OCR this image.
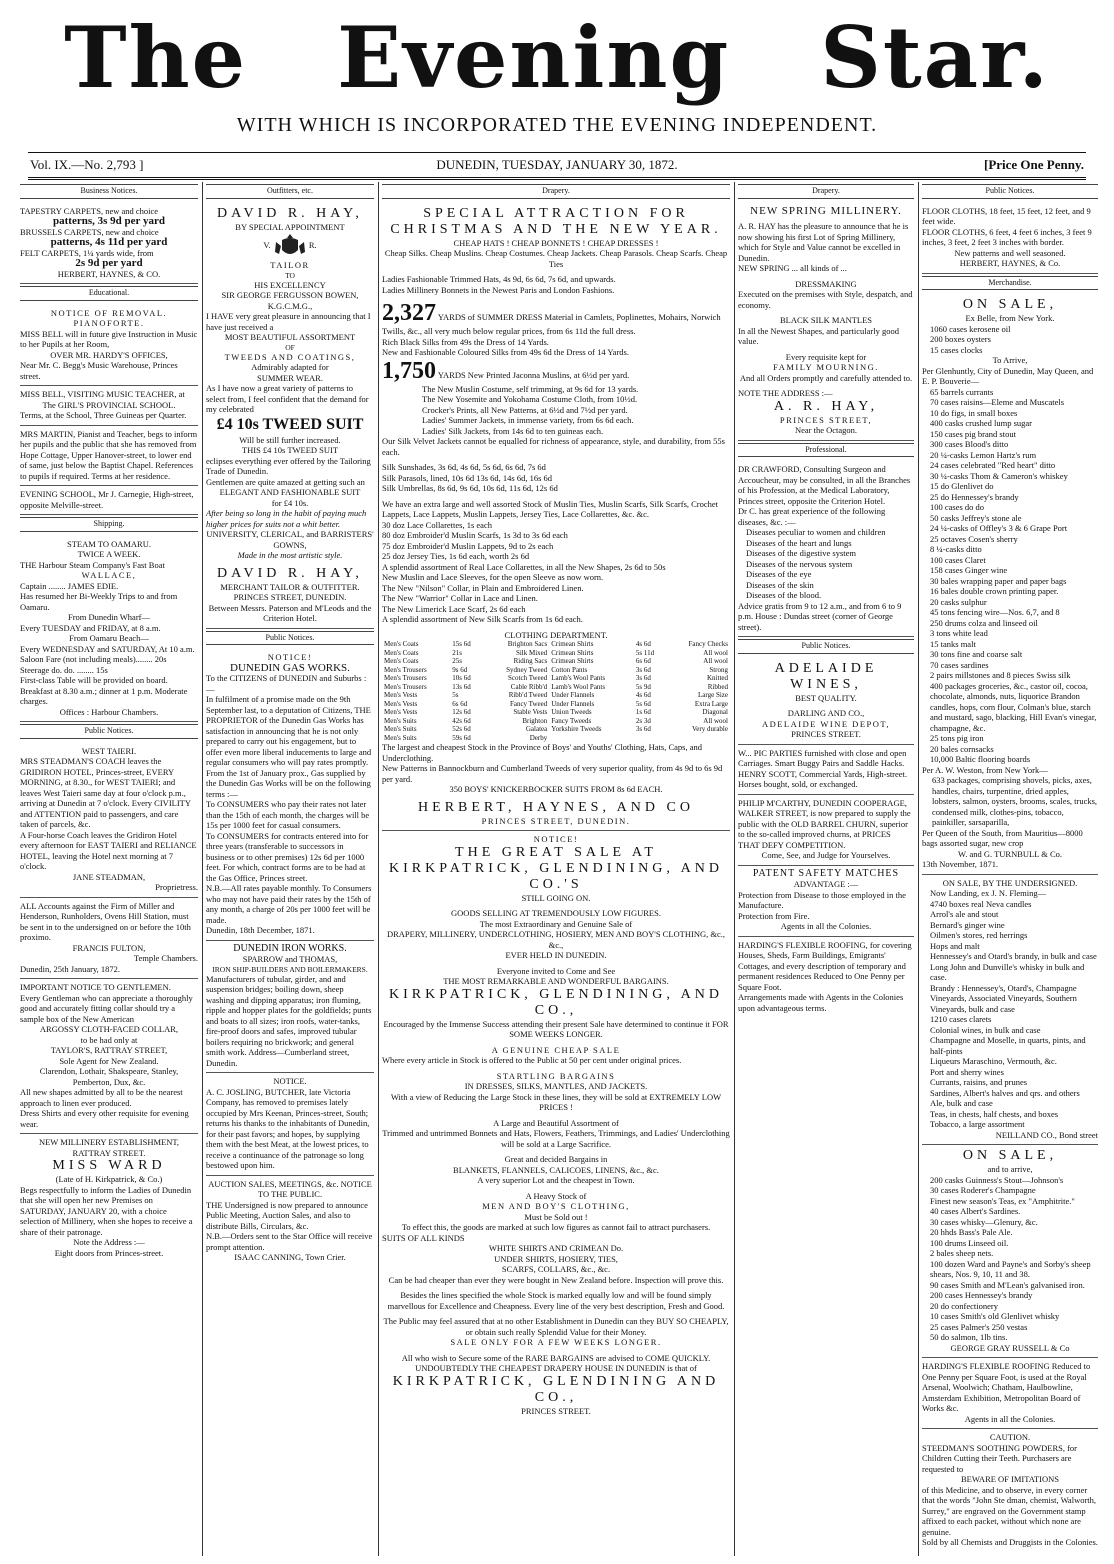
The Evening Star.
WITH WHICH IS INCORPORATED THE EVENING INDEPENDENT.
Vol. IX.—No. 2,793 ]	DUNEDIN, TUESDAY, JANUARY 30, 1872.	[Price One Penny.
Business Notices.

TAPESTRY CARPETS, new and choice

patterns, 3s 9d per yard

BRUSSELS CARPETS, new and choice

patterns, 4s 11d per yard

FELT CARPETS, 1¼ yards wide, from

2s 9d per yard

HERBERT, HAYNES, & CO.

Educational.

NOTICE OF REMOVAL.

PIANOFORTE.

MISS BELL will in future give Instruction in Music to her Pupils at her Room,

OVER MR. HARDY'S OFFICES,

Near Mr. C. Begg's Music Warehouse, Princes street.

MISS BELL, VISITING MUSIC TEACHER, at

The GIRL'S PROVINCIAL SCHOOL.

Terms, at the School, Three Guineas per Quarter.

MRS MARTIN, Pianist and Teacher, begs to inform her pupils and the public that she has removed from Hope Cottage, Upper Hanover-street, to lower end of same, just below the Baptist Chapel. References to pupils if required. Terms at her residence.

EVENING SCHOOL, Mr J. Carnegie, High-street, opposite Melville-street.

Shipping.

STEAM TO OAMARU.

TWICE A WEEK.

THE Harbour Steam Company's Fast Boat

WALLACE,

Captain ........ JAMES EDIE.

Has resumed her Bi-Weekly Trips to and from Oamaru.

From Dunedin Wharf—

Every TUESDAY and FRIDAY, at 8 a.m.

From Oamaru Beach—

Every WEDNESDAY and SATURDAY, At 10 a.m.

Saloon Fare (not including meals)........ 20s

Steerage do. do. ........ 15s

First-class Table will be provided on board. Breakfast at 8.30 a.m.; dinner at 1 p.m. Moderate charges.

Offices : Harbour Chambers.

Public Notices.

WEST TAIERI.

MRS STEADMAN'S COACH leaves the GRIDIRON HOTEL, Princes-street, EVERY MORNING, at 8.30., for WEST TAIERI; and leaves West Taieri same day at four o'clock p.m., arriving at Dunedin at 7 o'clock. Every CIVILITY and ATTENTION paid to passengers, and care taken of parcels, &c.

A Four-horse Coach leaves the Gridiron Hotel every afternoon for EAST TAIERI and RELIANCE HOTEL, leaving the Hotel next morning at 7 o'clock.

JANE STEADMAN,

Proprietress.

ALL Accounts against the Firm of Miller and Henderson, Runholders, Ovens Hill Station, must be sent in to the undersigned on or before the 10th proximo.

FRANCIS FULTON,

Temple Chambers.

Dunedin, 25th January, 1872.

IMPORTANT NOTICE TO GENTLEMEN.

Every Gentleman who can appreciate a thoroughly good and accurately fitting collar should try a sample box of the New American

ARGOSSY CLOTH-FACED COLLAR,

to be had only at

TAYLOR'S, RATTRAY STREET,

Sole Agent for New Zealand.

Clarendon, Lothair, Shakspeare, Stanley, Pemberton, Dux, &c.

All new shapes admitted by all to be the nearest approach to linen ever produced.

Dress Shirts and every other requisite for evening wear.

NEW MILLINERY ESTABLISHMENT,

RATTRAY STREET.

MISS WARD

(Late of H. Kirkpatrick, & Co.)

Begs respectfully to inform the Ladies of Dunedin that she will open her new Premises on SATURDAY, JANUARY 20, with a choice selection of Millinery, when she hopes to receive a share of their patronage.

Note the Address :—

Eight doors from Princes-street.

Outfitters, etc.

DAVID R. HAY,

BY SPECIAL APPOINTMENT

V.	R.

TAILOR

TO

HIS EXCELLENCY

SIR GEORGE FERGUSSON BOWEN, K.G.C.M.G.,

I HAVE very great pleasure in announcing that I have just received a

MOST BEAUTIFUL ASSORTMENT

OF

TWEEDS AND COATINGS,

Admirably adapted for

SUMMER WEAR.

As I have now a great variety of patterns to select from, I feel confident that the demand for my celebrated

£4 10s TWEED SUIT

Will be still further increased.

THIS £4 10s TWEED SUIT

eclipses everything ever offered by the Tailoring Trade of Dunedin.

Gentlemen are quite amazed at getting such an

ELEGANT AND FASHIONABLE SUIT

for £4 10s.

After being so long in the habit of paying much higher prices for suits not a whit better.

UNIVERSITY, CLERICAL, and BARRISTERS' GOWNS,

Made in the most artistic style.

DAVID R. HAY,

MERCHANT TAILOR & OUTFITTER.

PRINCES STREET, DUNEDIN.

Between Messrs. Paterson and M'Leods and the Criterion Hotel.

Public Notices.

NOTICE!

DUNEDIN GAS WORKS.

To the CITIZENS of DUNEDIN and Suburbs :—

In fulfilment of a promise made on the 9th September last, to a deputation of Citizens, THE PROPRIETOR of the Dunedin Gas Works has satisfaction in announcing that he is not only prepared to carry out his engagement, but to offer even more liberal inducements to large and regular consumers who will pay rates promptly.

From the 1st of January prox., Gas supplied by the Dunedin Gas Works will be on the following terms :—

To CONSUMERS who pay their rates not later than the 15th of each month, the charges will be 15s per 1000 feet for casual consumers.

To CONSUMERS for contracts entered into for three years (transferable to successors in business or to other premises) 12s 6d per 1000 feet. For which, contract forms are to be had at the Gas Office, Princes street.

N.B.—All rates payable monthly. To Consumers who may not have paid their rates by the 15th of any month, a charge of 20s per 1000 feet will be made.

Dunedin, 18th December, 1871.

DUNEDIN IRON WORKS.

SPARROW and THOMAS,

IRON SHIP-BUILDERS AND BOILERMAKERS.

Manufacturers of tubular, girder, and and suspension bridges; boiling down, sheep washing and dipping apparatus; iron fluming, ripple and hopper plates for the goldfields; punts and boats to all sizes; iron roofs, water-tanks, fire-proof doors and safes, improved tubular boilers requiring no brickwork; and general smith work. Address—Cumberland street, Dunedin.

NOTICE.

A. C. JOSLING, BUTCHER, late Victoria Company, has removed to premises lately occupied by Mrs Keenan, Princes-street, South; returns his thanks to the inhabitants of Dunedin, for their past favors; and hopes, by supplying them with the best Meat, at the lowest prices, to receive a continuance of the patronage so long bestowed upon him.

AUCTION SALES, MEETINGS, &c. NOTICE TO THE PUBLIC.

THE Undersigned is now prepared to announce Public Meeting, Auction Sales, and also to distribute Bills, Circulars, &c.

N.B.—Orders sent to the Star Office will receive prompt attention.

ISAAC CANNING, Town Crier.

Drapery.

SPECIAL ATTRACTION FOR

CHRISTMAS AND THE NEW YEAR.

CHEAP HATS ! CHEAP BONNETS ! CHEAP DRESSES !

Cheap Silks. Cheap Muslins. Cheap Costumes. Cheap Jackets. Cheap Parasols. Cheap Scarfs. Cheap Ties

Ladies Fashionable Trimmed Hats, 4s 9d, 6s 6d, 7s 6d, and upwards.

Ladies Millinery Bonnets in the Newest Paris and London Fashions.

2,327 YARDS of SUMMER DRESS Material in Camlets, Poplinettes, Mohairs, Norwich Twills, &c., all very much below regular prices, from 6s 11d the full dress.

Rich Black Silks from 49s the Dress of 14 Yards.

New and Fashionable Coloured Silks from 49s 6d the Dress of 14 Yards.

1,750 YARDS New Printed Jaconna Muslins, at 6½d per yard.

The New Muslin Costume, self trimming, at 9s 6d for 13 yards.

The New Yosemite and Yokohama Costume Cloth, from 10½d.

Crocker's Prints, all New Patterns, at 6½d and 7½d per yard.

Ladies' Summer Jackets, in immense variety, from 6s 6d each.

Ladies' Silk Jackets, from 14s 6d to ten guineas each.

Our Silk Velvet Jackets cannot be equalled for richness of appearance, style, and durability, from 55s each.

Silk Sunshades, 3s 6d, 4s 6d, 5s 6d, 6s 6d, 7s 6d

Silk Parasols, lined, 10s 6d 13s 6d, 14s 6d, 16s 6d

Silk Umbrellas, 8s 6d, 9s 6d, 10s 6d, 11s 6d, 12s 6d

We have an extra large and well assorted Stock of Muslin Ties, Muslin Scarfs, Silk Scarfs, Crochet Lappets, Lace Lappets, Muslin Lappets, Jersey Ties, Lace Collarettes, &c. &c.

30 doz Lace Collarettes, 1s each

80 doz Embroider'd Muslin Scarfs, 1s 3d to 3s 6d each

75 doz Embroider'd Muslin Lappets, 9d to 2s each

25 doz Jersey Ties, 1s 6d each, worth 2s 6d

A splendid assortment of Real Lace Collarettes, in all the New Shapes, 2s 6d to 50s

New Muslin and Lace Sleeves, for the open Sleeve as now worn.

The New "Nilson" Collar, in Plain and Embroidered Linen.

The New "Warrior" Collar in Lace and Linen.

The New Limerick Lace Scarf, 2s 6d each

A splendid assortment of New Silk Scarfs from 1s 6d each.

CLOTHING DEPARTMENT.

Men's Coats	15s 6d	Brighton Sacs	Crimean Shirts	4s 6d	Fancy Checks
Men's Coats	21s	Silk Mixed	Crimean Shirts	5s 11d	All wool
Men's Coats	25s	Riding Sacs	Crimean Shirts	6s 6d	All wool
Men's Trousers	9s 6d	Sydney Tweed	Cotton Pants	3s 6d	Strong
Men's Trousers	10s 6d	Scotch Tweed	Lamb's Wool Pants	3s 6d	Knitted
Men's Trousers	13s 6d	Cable Ribb'd	Lamb's Wool Pants	5s 9d	Ribbed
Men's Vests	5s	Ribb'd Tweed	Under Flannels	4s 6d	Large Size
Men's Vests	6s 6d	Fancy Tweed	Under Flannels	5s 6d	Extra Large
Men's Vests	12s 6d	Stable Vests	Union Tweeds	1s 6d	Diagonal
Men's Suits	42s 6d	Brighton	Fancy Tweeds	2s 3d	All wool
Men's Suits	52s 6d	Galatea	Yorkshire Tweeds	3s 6d	Very durable
Men's Suits	59s 6d	Derby			

The largest and cheapest Stock in the Province of Boys' and Youths' Clothing, Hats, Caps, and Underclothing.

New Patterns in Bannockburn and Cumberland Tweeds of very superior quality, from 4s 9d to 6s 9d per yard.

350 BOYS' KNICKERBOCKER SUITS FROM 8s 6d EACH.

HERBERT, HAYNES, AND CO

PRINCES STREET, DUNEDIN.

NOTICE!

THE GREAT SALE AT

KIRKPATRICK, GLENDINING, AND CO.'S

STILL GOING ON.

GOODS SELLING AT TREMENDOUSLY LOW FIGURES.

The most Extraordinary and Genuine Sale of

DRAPERY, MILLINERY, UNDERCLOTHING, HOSIERY, MEN AND BOY'S CLOTHING, &c., &c.,

EVER HELD IN DUNEDIN.

Everyone invited to Come and See

THE MOST REMARKABLE AND WONDERFUL BARGAINS.

KIRKPATRICK, GLENDINING, AND CO.,

Encouraged by the Immense Success attending their present Sale have determined to continue it FOR SOME WEEKS LONGER.

A GENUINE CHEAP SALE

Where every article in Stock is offered to the Public at 50 per cent under original prices.

STARTLING BARGAINS

IN DRESSES, SILKS, MANTLES, AND JACKETS.

With a view of Reducing the Large Stock in these lines, they will be sold at EXTREMELY LOW PRICES !

A Large and Beautiful Assortment of

Trimmed and untrimmed Bonnets and Hats, Flowers, Feathers, Trimmings, and Ladies' Underclothing will be sold at a Large Sacrifice.

Great and decided Bargains in

BLANKETS, FLANNELS, CALICOES, LINENS, &c., &c.

A very superior Lot and the cheapest in Town.

A Heavy Stock of

MEN AND BOY'S CLOTHING,

Must be Sold out !

To effect this, the goods are marked at such low figures as cannot fail to attract purchasers.

SUITS OF ALL KINDS

WHITE SHIRTS AND CRIMEAN Do.

UNDER SHIRTS, HOSIERY, TIES,

SCARFS, COLLARS, &c., &c.

Can be had cheaper than ever they were bought in New Zealand before. Inspection will prove this.

Besides the lines specified the whole Stock is marked equally low and will be found simply marvellous for Excellence and Cheapness. Every line of the very best description, Fresh and Good.

The Public may feel assured that at no other Establishment in Dunedin can they BUY SO CHEAPLY, or obtain such really Splendid Value for their Money.

SALE ONLY FOR A FEW WEEKS LONGER.

All who wish to Secure some of the RARE BARGAINS are advised to COME QUICKLY.

UNDOUBTEDLY THE CHEAPEST DRAPERY HOUSE IN DUNEDIN is that of

KIRKPATRICK, GLENDINING AND CO.,

PRINCES STREET.

Drapery.

NEW SPRING MILLINERY.

A. R. HAY has the pleasure to announce that he is now showing his first Lot of Spring Millinery, which for Style and Value cannot be excelled in Dunedin.

NEW SPRING ... all kinds of ...

DRESSMAKING

Executed on the premises with Style, despatch, and economy.

BLACK SILK MANTLES

In all the Newest Shapes, and particularly good value.

Every requisite kept for

FAMILY MOURNING.

And all Orders promptly and carefully attended to.

NOTE THE ADDRESS :—

A. R. HAY,

PRINCES STREET,

Near the Octagon.

Professional.

DR CRAWFORD, Consulting Surgeon and Accoucheur, may be consulted, in all the Branches of his Profession, at the Medical Laboratory, Princes street, opposite the Criterion Hotel.

Dr C. has great experience of the following diseases, &c. :—

Diseases peculiar to women and children

Diseases of the heart and lungs

Diseases of the digestive system

Diseases of the nervous system

Diseases of the eye

Diseases of the skin

Diseases of the blood.

Advice gratis from 9 to 12 a.m., and from 6 to 9 p.m. House : Dundas street (corner of George street).

Public Notices.

ADELAIDE WINES,

BEST QUALITY.

DARLING AND CO.,

ADELAIDE WINE DEPOT,

PRINCES STREET.

W... PIC PARTIES furnished with close and open Carriages. Smart Buggy Pairs and Saddle Hacks. HENRY SCOTT, Commercial Yards, High-street. Horses bought, sold, or exchanged.

PHILIP M'CARTHY, DUNEDIN COOPERAGE, WALKER STREET, is now prepared to supply the public with the OLD BARREL CHURN, superior to the so-called improved churns, at PRICES THAT DEFY COMPETITION.

Come, See, and Judge for Yourselves.

PATENT SAFETY MATCHES

ADVANTAGE :—

Protection from Disease to those employed in the Manufacture.

Protection from Fire.

Agents in all the Colonies.

HARDING'S FLEXIBLE ROOFING, for covering Houses, Sheds, Farm Buildings, Emigrants' Cottages, and every description of temporary and permanent residences Reduced to One Penny per Square Foot.

Arrangements made with Agents in the Colonies upon advantageous terms.

Public Notices.

FLOOR CLOTHS, 18 feet, 15 feet, 12 feet, and 9 feet wide.

FLOOR CLOTHS, 6 feet, 4 feet 6 inches, 3 feet 9 inches, 3 feet, 2 feet 3 inches with border.

New patterns and well seasoned.

HERBERT, HAYNES, & Co.

Merchandise.

ON SALE,

Ex Belle, from New York.

1060 cases kerosene oil

200 boxes oysters

15 cases clocks

To Arrive,

Per Glenhuntly, City of Dunedin, May Queen, and E. P. Bouverie—

65 barrels currants

70 cases raisins—Eleme and Muscatels

10 do figs, in small boxes

400 casks crushed lump sugar

150 cases pig brand stout

300 cases Blood's ditto

20 ¼-casks Lemon Hartz's rum

24 cases celebrated "Red heart" ditto

30 ¼-casks Thom & Cameron's whiskey

15 do Glenlivet do

25 do Hennessey's brandy

100 cases do do

50 casks Jeffrey's stone ale

24 ¼-casks of Offley's 3 & 6 Grape Port

25 octaves Cosen's sherry

8 ¼-casks ditto

100 cases Claret

158 cases Ginger wine

30 bales wrapping paper and paper bags

16 bales double crown printing paper.

20 casks sulphur

45 tons fencing wire—Nos. 6,7, and 8

250 drums colza and linseed oil

3 tons white lead

15 tanks malt

30 tons fine and coarse salt

70 cases sardines

2 pairs millstones and 8 pieces Swiss silk

400 packages groceries, &c., castor oil, cocoa, chocolate, almonds, nuts, liquorice Brandon candles, hops, corn flour, Colman's blue, starch and mustard, sago, blacking, Hill Evan's vinegar, champagne, &c.

25 tons pig iron

20 bales cornsacks

10,000 Baltic flooring boards

Per A. W. Weston, from New York—

633 packages, comprising shovels, picks, axes, handles, chairs, turpentine, dried apples, lobsters, salmon, oysters, brooms, scales, trucks, condensed milk, clothes-pins, tobacco, painkiller, sarsaparilla,

Per Queen of the South, from Mauritius—8000 bags assorted sugar, new crop

W. and G. TURNBULL & Co.

13th November, 1871.

ON SALE, BY THE UNDERSIGNED.

Now Landing, ex J. N. Fleming—

4740 boxes real Neva candles

Arrol's ale and stout

Bernard's ginger wine

Oilmen's stores, red herrings

Hops and malt

Hennessey's and Otard's brandy, in bulk and case

Long John and Dunville's whisky in bulk and case.

Brandy : Hennessey's, Otard's, Champagne Vineyards, Associated Vineyards, Southern Vineyards, bulk and case

1210 cases clarets

Colonial wines, in bulk and case

Champagne and Moselle, in quarts, pints, and half-pints

Liqueurs Maraschino, Vermouth, &c.

Port and sherry wines

Currants, raisins, and prunes

Sardines, Albert's halves and qrs. and others

Ale, bulk and case

Teas, in chests, half chests, and boxes

Tobacco, a large assortment

NEILLAND CO., Bond street

ON SALE,

and to arrive,

200 casks Guinness's Stout—Johnson's

30 cases Roderer's Champagne

Finest new season's Teas, ex "Amphitrite."

40 cases Albert's Sardines.

30 cases whisky—Glenury, &c.

20 hhds Bass's Pale Ale.

100 drums Linseed oil.

2 bales sheep nets.

100 dozen Ward and Payne's and Sorby's sheep shears, Nos. 9, 10, 11 and 38.

90 cases Smith and M'Lean's galvanised iron.

200 cases Hennessey's brandy

20 do confectionery

10 cases Smith's old Glenlivet whisky

25 cases Palmer's 250 vestas

50 do salmon, 1lb tins.

GEORGE GRAY RUSSELL & Co

HARDING'S FLEXIBLE ROOFING Reduced to One Penny per Square Foot, is used at the Royal Arsenal, Woolwich; Chatham, Haulbowline, Amsterdam Exhibition, Metropolitan Board of Works &c.

Agents in all the Colonies.

CAUTION.

STEEDMAN'S SOOTHING POWDERS, for Children Cutting their Teeth. Purchasers are requested to

BEWARE OF IMITATIONS

of this Medicine, and to observe, in every corner that the words "John Ste dman, chemist, Walworth, Surrey," are engraved on the Government stamp affixed to each packet, without which none are genuine.

Sold by all Chemists and Druggists in the Colonies.
